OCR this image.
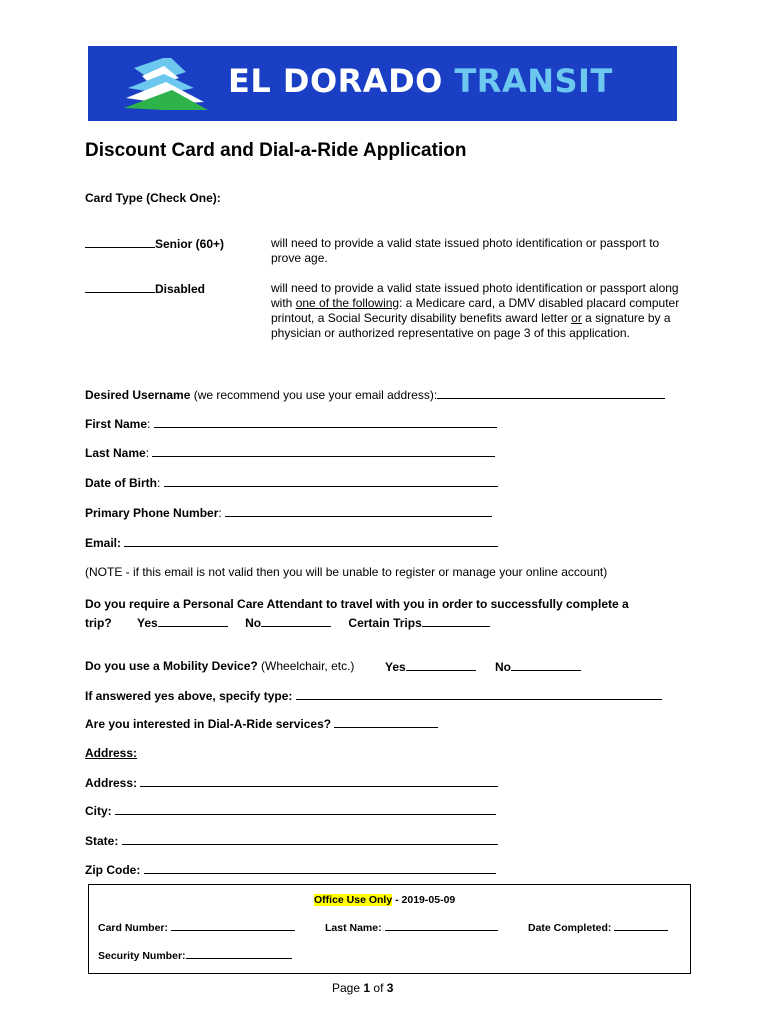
EL DORADO TRANSIT
Discount Card and Dial-a-Ride Application
Card Type (Check One):
Senior (60+)	will need to provide a valid state issued photo identification or passport to prove age.
Disabled	will need to provide a valid state issued photo identification or passport along with one of the following: a Medicare card, a DMV disabled placard computer printout, a Social Security disability benefits award letter or a signature by a physician or authorized representative on page 3 of this application.
Desired Username (we recommend you use your email address):
First Name:
Last Name:
Date of Birth:
Primary Phone Number:
Email:
(NOTE - if this email is not valid then you will be unable to register or manage your online account)
Do you require a Personal Care Attendant to travel with you in order to successfully complete a
trip? Yes	No	Certain Trips
Do you use a Mobility Device? (Wheelchair, etc.)	Yes	No
If answered yes above, specify type:
Are you interested in Dial-A-Ride services?
Address:
Address:
City:
State:
Zip Code:
Office Use Only - 2019-05-09
Card Number:	Last Name:	Date Completed:
Security Number:
Page 1 of 3
